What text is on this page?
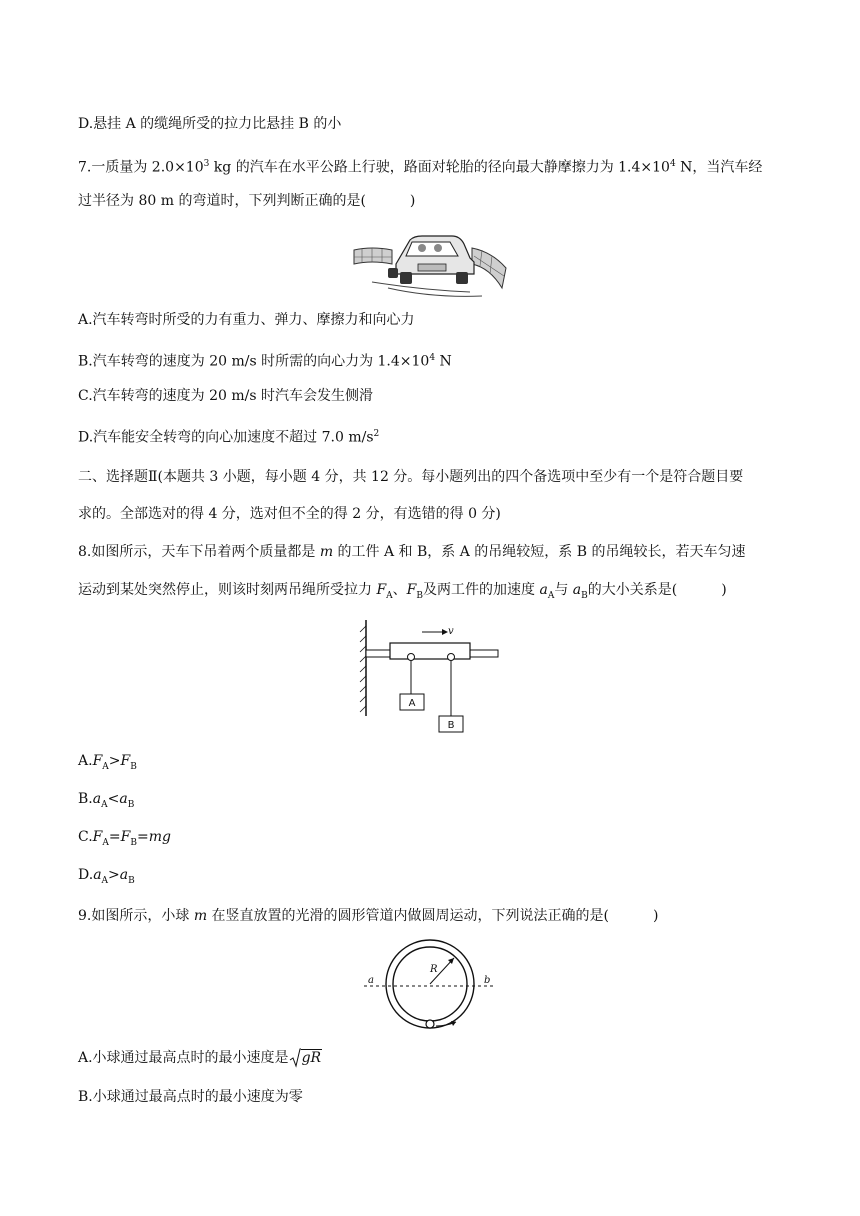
D.悬挂 A 的缆绳所受的拉力比悬挂 B 的小
7.一质量为 $2.0\times 10^3$ kg 的汽车在水平公路上行驶，路面对轮胎的径向最大静摩擦力为 $1.4\times 10^4$ N，当汽车经
过半径为 80 m 的弯道时，下列判断正确的是(	)
A.汽车转弯时所受的力有重力、弹力、摩擦力和向心力
B.汽车转弯的速度为 20 m/s 时所需的向心力为 $1.4\times 10^4$ N
C.汽车转弯的速度为 20 m/s 时汽车会发生侧滑
D.汽车能安全转弯的向心加速度不超过 7.0 $m/s^2$
二、选择题Ⅱ(本题共 3 小题，每小题 4 分，共 12 分。每小题列出的四个备选项中至少有一个是符合题目要
求的。全部选对的得 4 分，选对但不全的得 2 分，有选错的得 0 分)
8.如图所示，天车下吊着两个质量都是 m 的工件 A 和 B，系 A 的吊绳较短，系 B 的吊绳较长，若天车匀速
运动到某处突然停止，则该时刻两吊绳所受拉力 $F_A$、$F_B$及两工件的加速度 $a_A$与 $a_B$的大小关系是(	)
v
A
B
$A.F_A>F_B$
$B.a_A<a_B$
$C.F_A=F_B=mg$
$D.a_A>a_B$
9.如图所示，小球 m 在竖直放置的光滑的圆形管道内做圆周运动，下列说法正确的是(	)
a	b
R
A.小球通过最高点时的最小速度是 gR
B.小球通过最高点时的最小速度为零
